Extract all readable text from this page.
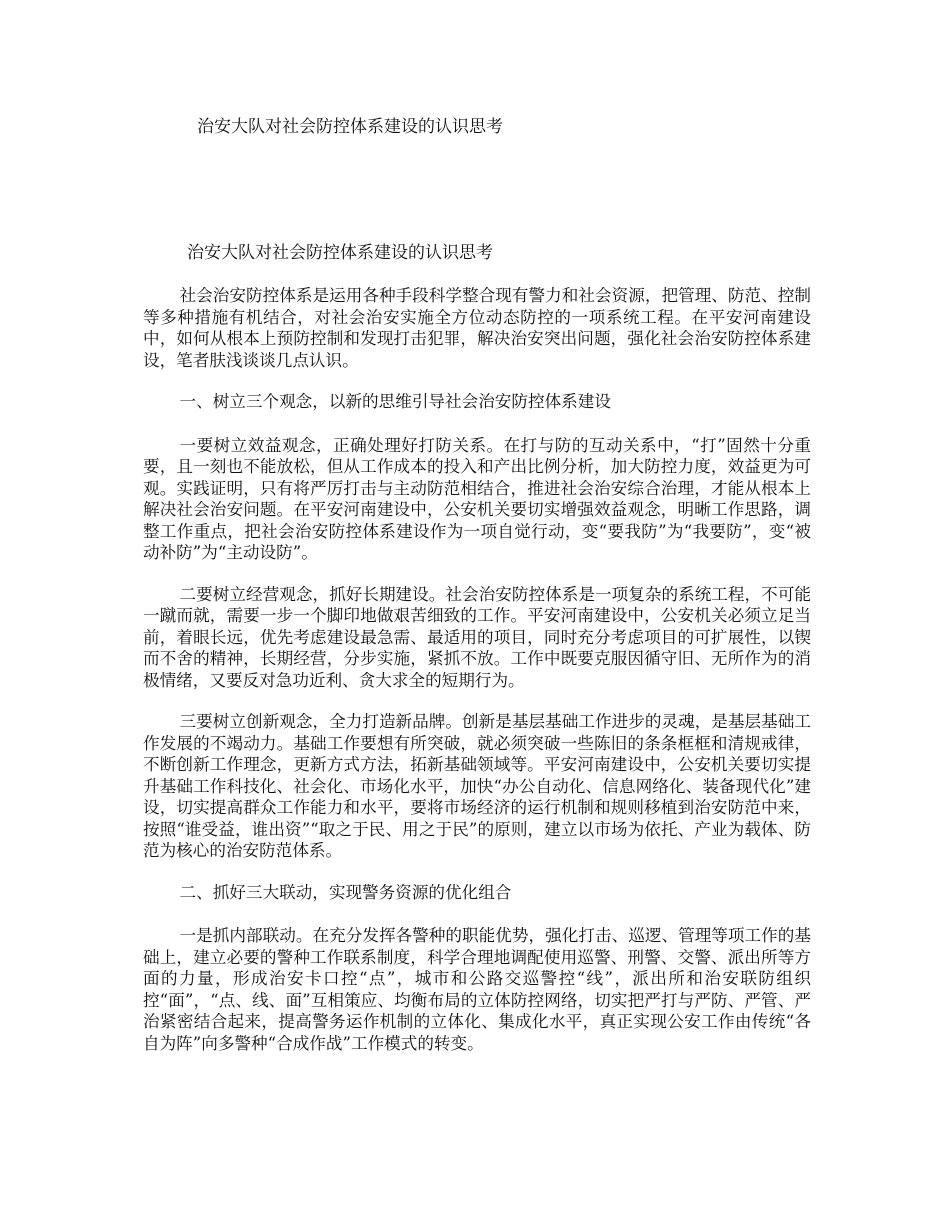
治安大队对社会防控体系建设的认识思考
治安大队对社会防控体系建设的认识思考

社会治安防控体系是运用各种手段科学整合现有警力和社会资源，把管理、防范、控制等多种措施有机结合，对社会治安实施全方位动态防控的一项系统工程。在平安河南建设中，如何从根本上预防控制和发现打击犯罪，解决治安突出问题，强化社会治安防控体系建设，笔者肤浅谈谈几点认识。

一、树立三个观念，以新的思维引导社会治安防控体系建设

一要树立效益观念，正确处理好打防关系。在打与防的互动关系中，“打”固然十分重要，且一刻也不能放松，但从工作成本的投入和产出比例分析，加大防控力度，效益更为可观。实践证明，只有将严厉打击与主动防范相结合，推进社会治安综合治理，才能从根本上解决社会治安问题。在平安河南建设中，公安机关要切实增强效益观念，明晰工作思路，调整工作重点，把社会治安防控体系建设作为一项自觉行动，变“要我防”为“我要防”，变“被动补防”为“主动设防”。

二要树立经营观念，抓好长期建设。社会治安防控体系是一项复杂的系统工程，不可能一蹴而就，需要一步一个脚印地做艰苦细致的工作。平安河南建设中，公安机关必须立足当前，着眼长远，优先考虑建设最急需、最适用的项目，同时充分考虑项目的可扩展性，以锲而不舍的精神，长期经营，分步实施，紧抓不放。工作中既要克服因循守旧、无所作为的消极情绪，又要反对急功近利、贪大求全的短期行为。

三要树立创新观念，全力打造新品牌。创新是基层基础工作进步的灵魂，是基层基础工作发展的不竭动力。基础工作要想有所突破，就必须突破一些陈旧的条条框框和清规戒律，不断创新工作理念，更新方式方法，拓新基础领域等。平安河南建设中，公安机关要切实提升基础工作科技化、社会化、市场化水平，加快“办公自动化、信息网络化、装备现代化”建设，切实提高群众工作能力和水平，要将市场经济的运行机制和规则移植到治安防范中来，按照“谁受益，谁出资”“取之于民、用之于民”的原则，建立以市场为依托、产业为载体、防范为核心的治安防范体系。

二、抓好三大联动，实现警务资源的优化组合

一是抓内部联动。在充分发挥各警种的职能优势，强化打击、巡逻、管理等项工作的基础上，建立必要的警种工作联系制度，科学合理地调配使用巡警、刑警、交警、派出所等方面的力量，形成治安卡口控“点”，城市和公路交巡警控“线”，派出所和治安联防组织控“面”，“点、线、面”互相策应、均衡布局的立体防控网络，切实把严打与严防、严管、严治紧密结合起来，提高警务运作机制的立体化、集成化水平，真正实现公安工作由传统“各自为阵”向多警种“合成作战”工作模式的转变。
